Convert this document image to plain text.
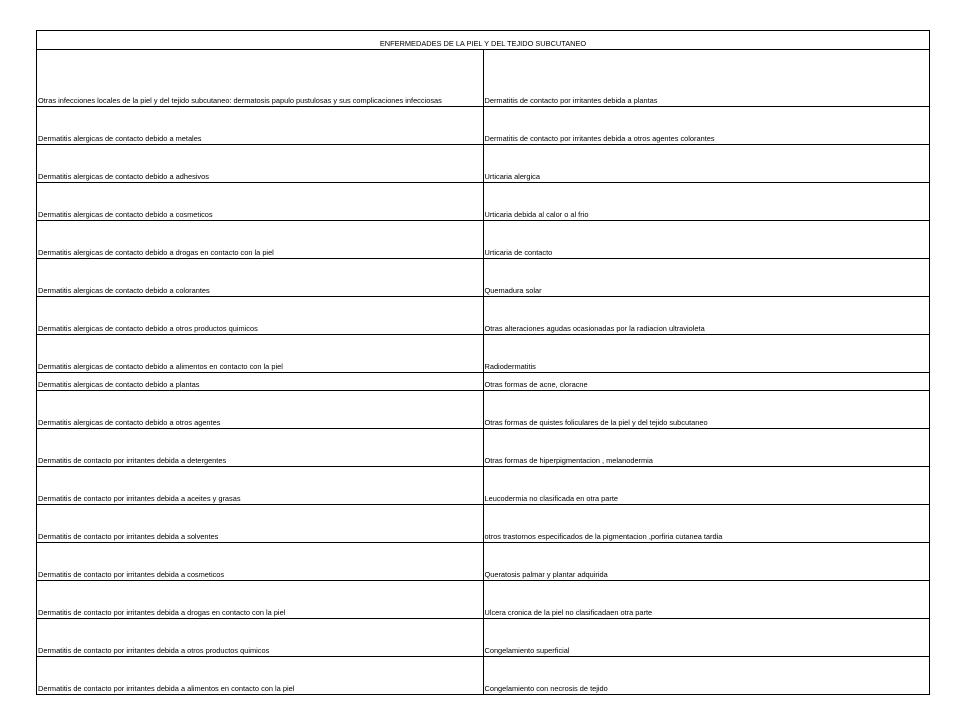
ENFERMEDADES DE LA PIEL Y DEL TEJIDO SUBCUTANEO	
Otras infecciones locales de la piel y del tejido subcutaneo: dermatosis papulo pustulosas y sus complicaciones infecciosas	Dermatitis de contacto por irritantes debida a plantas
Dermatitis alergicas de contacto debido a metales	Dermatitis de contacto por irritantes debida a otros agentes colorantes
Dermatitis alergicas de contacto debido a adhesivos	Urticaria alergica
Dermatitis alergicas de contacto debido a cosmeticos	Urticaria debida al calor o al frio
Dermatitis alergicas de contacto debido a drogas en contacto con la piel	Urticaria de contacto
Dermatitis alergicas de contacto debido a colorantes	Quemadura solar
Dermatitis alergicas de contacto debido a otros productos quimicos	Otras alteraciones agudas ocasionadas por la radiacion ultravioleta
Dermatitis alergicas de contacto debido a alimentos en contacto con la piel	Radiodermatitis
Dermatitis alergicas de contacto debido a plantas	Otras formas de acne, cloracne
Dermatitis alergicas de contacto debido a otros agentes	Otras formas de quistes foliculares de la piel y del tejido subcutaneo
Dermatitis de contacto por irritantes debida a detergentes	Otras formas de hiperpigmentacion , melanodermia
Dermatitis de contacto por irritantes debida a aceites y grasas	Leucodermia no clasificada en otra parte
Dermatitis de contacto por irritantes debida a solventes	otros trastornos especificados de la pigmentacion ,porfiria cutanea tardia
Dermatitis de contacto por irritantes debida a cosmeticos	Queratosis palmar y plantar adquirida
Dermatitis de contacto por irritantes debida a drogas en contacto con la piel	Ulcera cronica de la piel no clasificadaen otra parte
Dermatitis de contacto por irritantes debida a otros productos quimicos	Congelamiento superficial
Dermatitis de contacto por irritantes debida a alimentos en contacto con la piel	Congelamiento con necrosis de tejido
